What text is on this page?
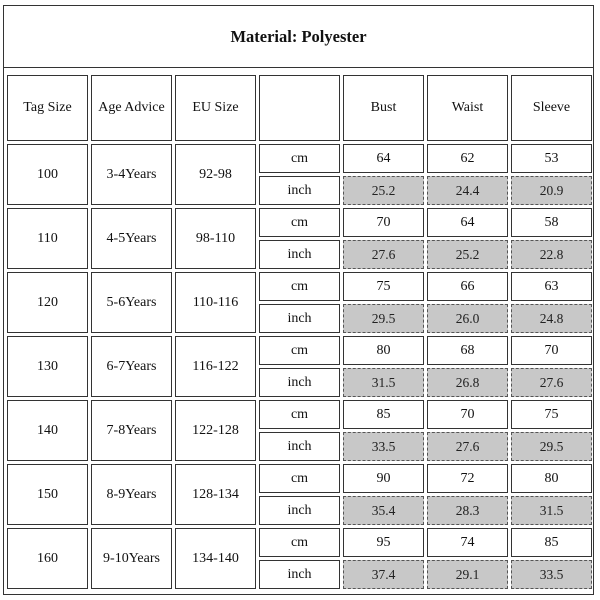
Material: Polyester
Tag Size	Age Advice	EU Size		Bust	Waist	Sleeve
100	3-4Years	92-98	cm	64	62	53
			inch	25.2	24.4	20.9
110	4-5Years	98-110	cm	70	64	58
			inch	27.6	25.2	22.8
120	5-6Years	110-116	cm	75	66	63
			inch	29.5	26.0	24.8
130	6-7Years	116-122	cm	80	68	70
			inch	31.5	26.8	27.6
140	7-8Years	122-128	cm	85	70	75
			inch	33.5	27.6	29.5
150	8-9Years	128-134	cm	90	72	80
			inch	35.4	28.3	31.5
160	9-10Years	134-140	cm	95	74	85
			inch	37.4	29.1	33.5
